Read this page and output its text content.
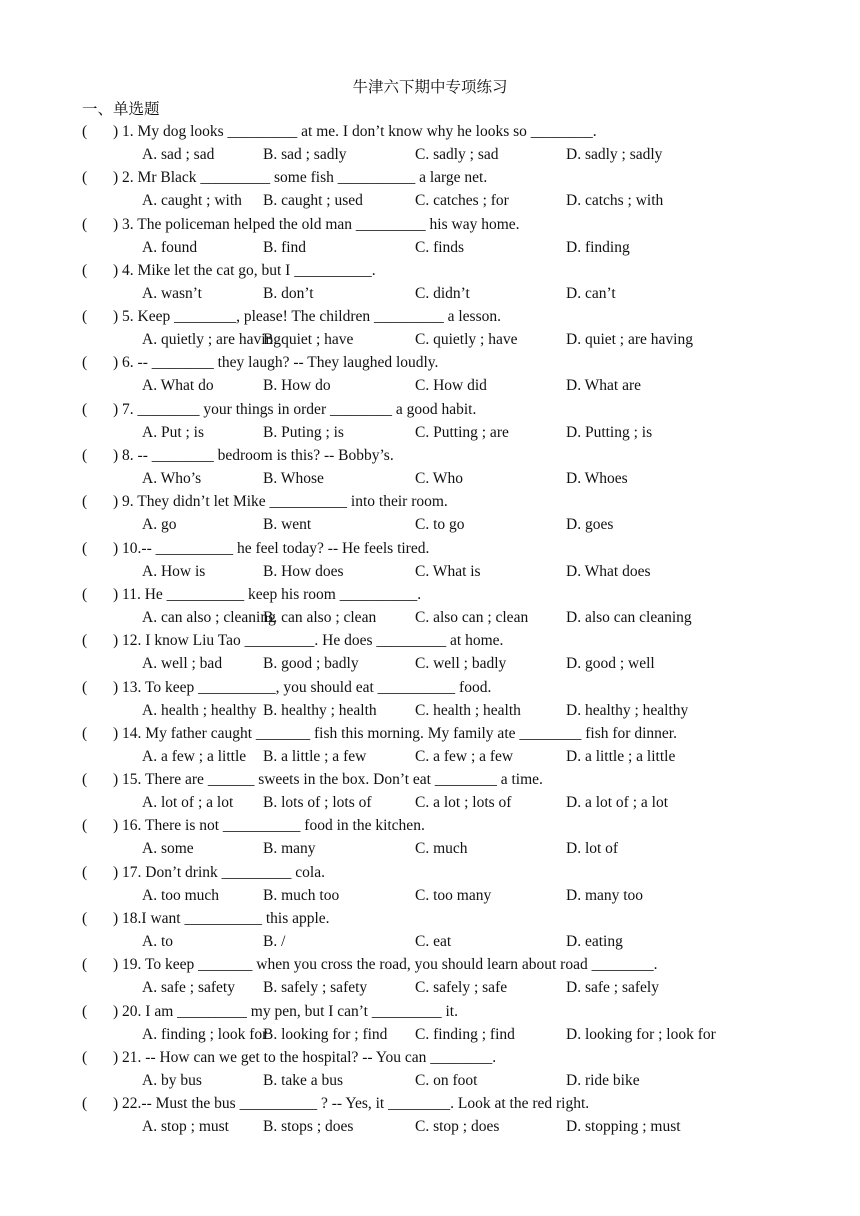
牛津六下期中专项练习
一、单选题
( ) 1. My dog looks _________ at me. I don’t know why he looks so ________.
A. sad ; sad	B. sad ; sadly	C. sadly ; sad	D. sadly ; sadly
( ) 2. Mr Black _________ some fish __________ a large net.
A. caught ; with B. caught ; used	C. catches ; for	D. catchs ; with
( ) 3. The policeman helped the old man _________ his way home.
A. found	B. find	C. finds	D. finding
( ) 4. Mike let the cat go, but I __________.
A. wasn’t	B. don’t	C. didn’t	D. can’t
( ) 5. Keep ________, please! The children _________ a lesson.
A. quietly ; are having
B. quiet ; have	C. quietly ; have	D. quiet ; are having
( ) 6. -- ________ they laugh? -- They laughed loudly.
A. What do	B. How do	C. How did	D. What are
( ) 7. ________ your things in order ________ a good habit.
A. Put ; is	B. Puting ; is	C. Putting ; are	D. Putting ; is
( ) 8. -- ________ bedroom is this? -- Bobby’s.
A. Who’s	B. Whose	C. Who	D. Whoes
( ) 9. They didn’t let Mike __________ into their room.
A. go	B. went	C. to go	D. goes
( ) 10.-- __________ he feel today? -- He feels tired.
A. How is	B. How does	C. What is	D. What does
( ) 11. He __________ keep his room __________.
A. can also ; cleaning
B. can also ; clean	C. also can ; clean D. also can cleaning
( ) 12. I know Liu Tao _________. He does _________ at home.
A. well ; bad	B. good ; badly	C. well ; badly	D. good ; well
( ) 13. To keep __________, you should eat __________ food.
A. health ; healthy B. healthy ; health C. health ; health	D. healthy ; healthy
( ) 14. My father caught _______ fish this morning. My family ate ________ fish for dinner.
A. a few ; a little B. a little ; a few	C. a few ; a few	D. a little ; a little
( ) 15. There are ______ sweets in the box. Don’t eat ________ a time.
A. lot of ; a lot B. lots of ; lots of	C. a lot ; lots of	D. a lot of ; a lot
( ) 16. There is not __________ food in the kitchen.
A. some	B. many	C. much	D. lot of
( ) 17. Don’t drink _________ cola.
A. too much	B. much too	C. too many	D. many too
( ) 18.I want __________ this apple.
A. to	B. /	C. eat	D. eating
( ) 19. To keep _______ when you cross the road, you should learn about road ________.
A. safe ; safety B. safely ; safety	C. safely ; safe	D. safe ; safely
( ) 20. I am _________ my pen, but I can’t _________ it.
A. finding ; look for
B. looking for ; find C. finding ; find	D. looking for ; look for
( ) 21. -- How can we get to the hospital? -- You can ________.
A. by bus	B. take a bus	C. on foot	D. ride bike
( ) 22.-- Must the bus __________ ? -- Yes, it ________. Look at the red right.
A. stop ; must B. stops ; does	C. stop ; does	D. stopping ; must
